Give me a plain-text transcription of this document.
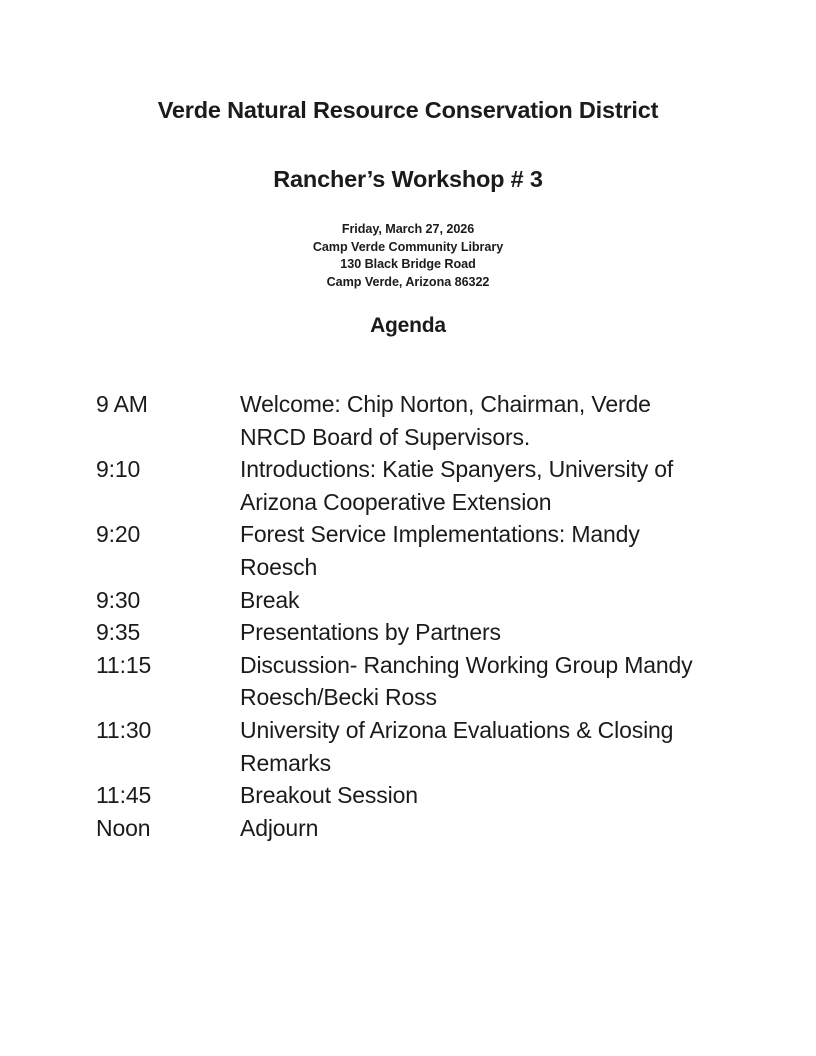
Verde Natural Resource Conservation District
Rancher’s Workshop # 3
Friday, March 27, 2026
Camp Verde Community Library
130 Black Bridge Road
Camp Verde, Arizona 86322
Agenda
9 AM	Welcome: Chip Norton, Chairman, Verde NRCD Board of Supervisors.
9:10	Introductions: Katie Spanyers, University of Arizona Cooperative Extension
9:20	Forest Service Implementations: Mandy Roesch
9:30	Break
9:35	Presentations by Partners
11:15	Discussion- Ranching Working Group Mandy Roesch/Becki Ross
11:30	University of Arizona Evaluations & Closing Remarks
11:45	Breakout Session
Noon	Adjourn
